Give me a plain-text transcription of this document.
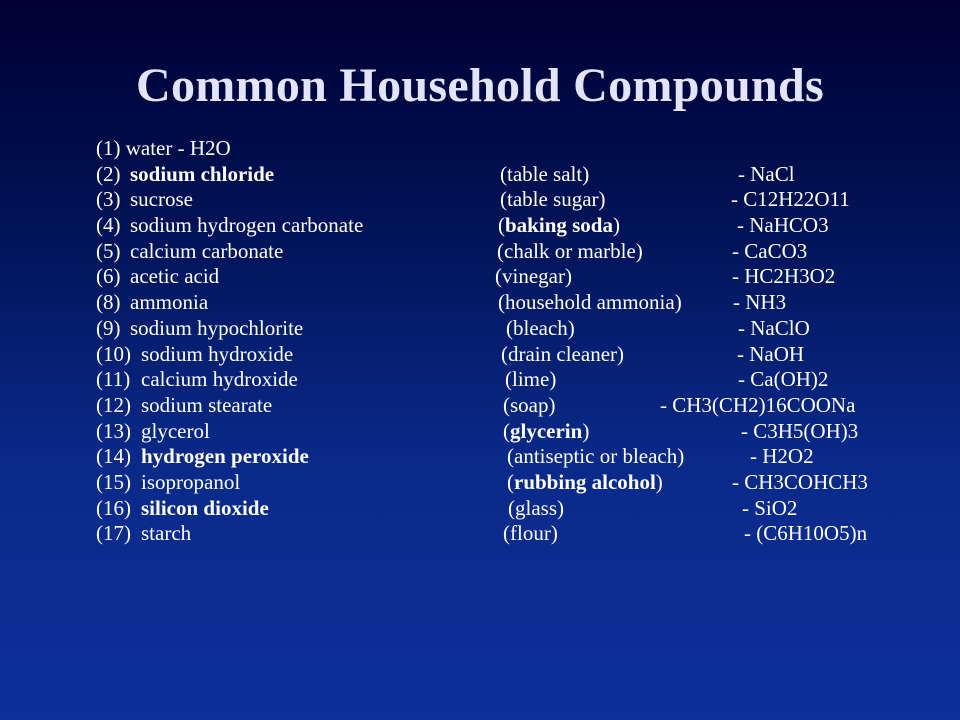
Common Household Compounds
(1) water - H2O
(2) sodium chloride	(table salt)	- NaCl
(3) sucrose	(table sugar)	- C12H22O11
(4) sodium hydrogen carbonate	(baking soda)	- NaHCO3
(5) calcium carbonate	(chalk or marble)	- CaCO3
(6) acetic acid	(vinegar)	- HC2H3O2
(8) ammonia	(household ammonia) - NH3
(9) sodium hypochlorite	(bleach)	- NaClO
(10) sodium hydroxide	(drain cleaner)	- NaOH
(11) calcium hydroxide	(lime)	- Ca(OH)2
(12) sodium stearate	(soap)	- CH3(CH2)16COONa
(13) glycerol	(glycerin)	- C3H5(OH)3
(14) hydrogen peroxide	(antiseptic or bleach)	- H2O2
(15) isopropanol	(rubbing alcohol)	- CH3COHCH3
(16) silicon dioxide	(glass)	- SiO2
(17) starch	(flour)	- (C6H10O5)n
